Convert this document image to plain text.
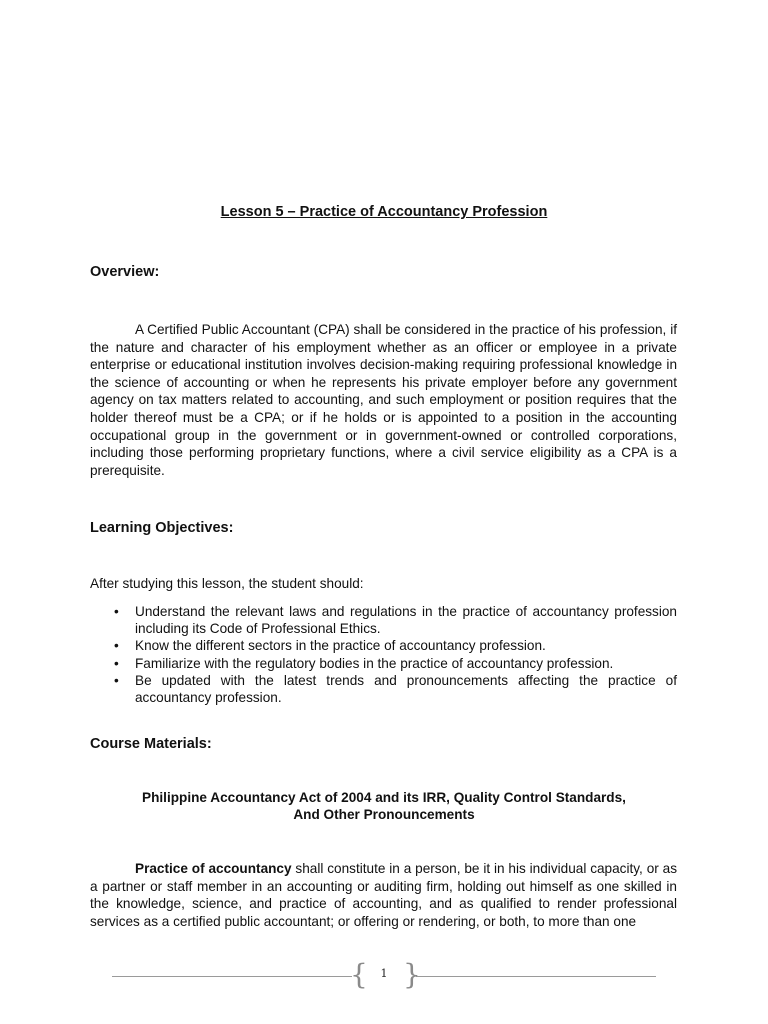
Lesson 5 – Practice of Accountancy Profession
Overview:

A Certified Public Accountant (CPA) shall be considered in the practice of his profession, if the nature and character of his employment whether as an officer or employee in a private enterprise or educational institution involves decision-making requiring professional knowledge in the science of accounting or when he represents his private employer before any government agency on tax matters related to accounting, and such employment or position requires that the holder thereof must be a CPA; or if he holds or is appointed to a position in the accounting occupational group in the government or in government-owned or controlled corporations, including those performing proprietary functions, where a civil service eligibility as a CPA is a prerequisite.

Learning Objectives:
After studying this lesson, the student should:
• Understand the relevant laws and regulations in the practice of accountancy profession including its Code of Professional Ethics.
• Know the different sectors in the practice of accountancy profession.
• Familiarize with the regulatory bodies in the practice of accountancy profession.
• Be updated with the latest trends and pronouncements affecting the practice of accountancy profession.
Course Materials:
Philippine Accountancy Act of 2004 and its IRR, Quality Control Standards,
And Other Pronouncements

Practice of accountancy shall constitute in a person, be it in his individual capacity, or as a partner or staff member in an accounting or auditing firm, holding out himself as one skilled in the knowledge, science, and practice of accounting, and as qualified to render professional services as a certified public accountant; or offering or rendering, or both, to more than one

{ }
1
